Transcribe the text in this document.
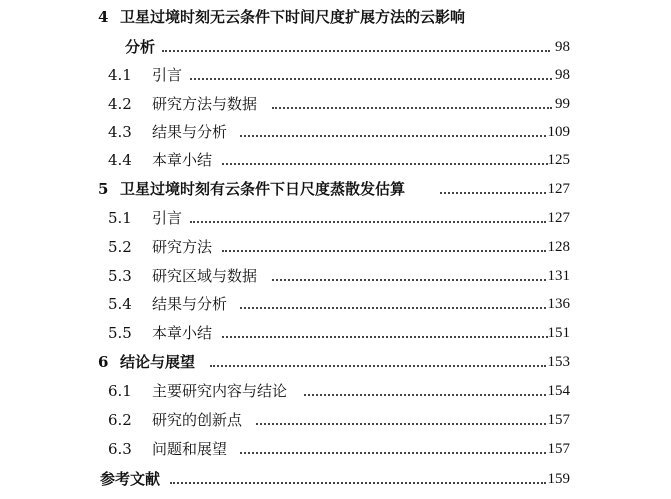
4 卫星过境时刻无云条件下时间尺度扩展方法的云影响
分析	98
4.1 引言	98
4.2 研究方法与数据	99
4.3 结果与分析	109
4.4 本章小结	125
5 卫星过境时刻有云条件下日尺度蒸散发估算	127
5.1 引言	127
5.2 研究方法	128
5.3 研究区域与数据	131
5.4 结果与分析	136
5.5 本章小结	151
6 结论与展望	153
6.1 主要研究内容与结论	154
6.2 研究的创新点	157
6.3 问题和展望	157
参考文献	159
